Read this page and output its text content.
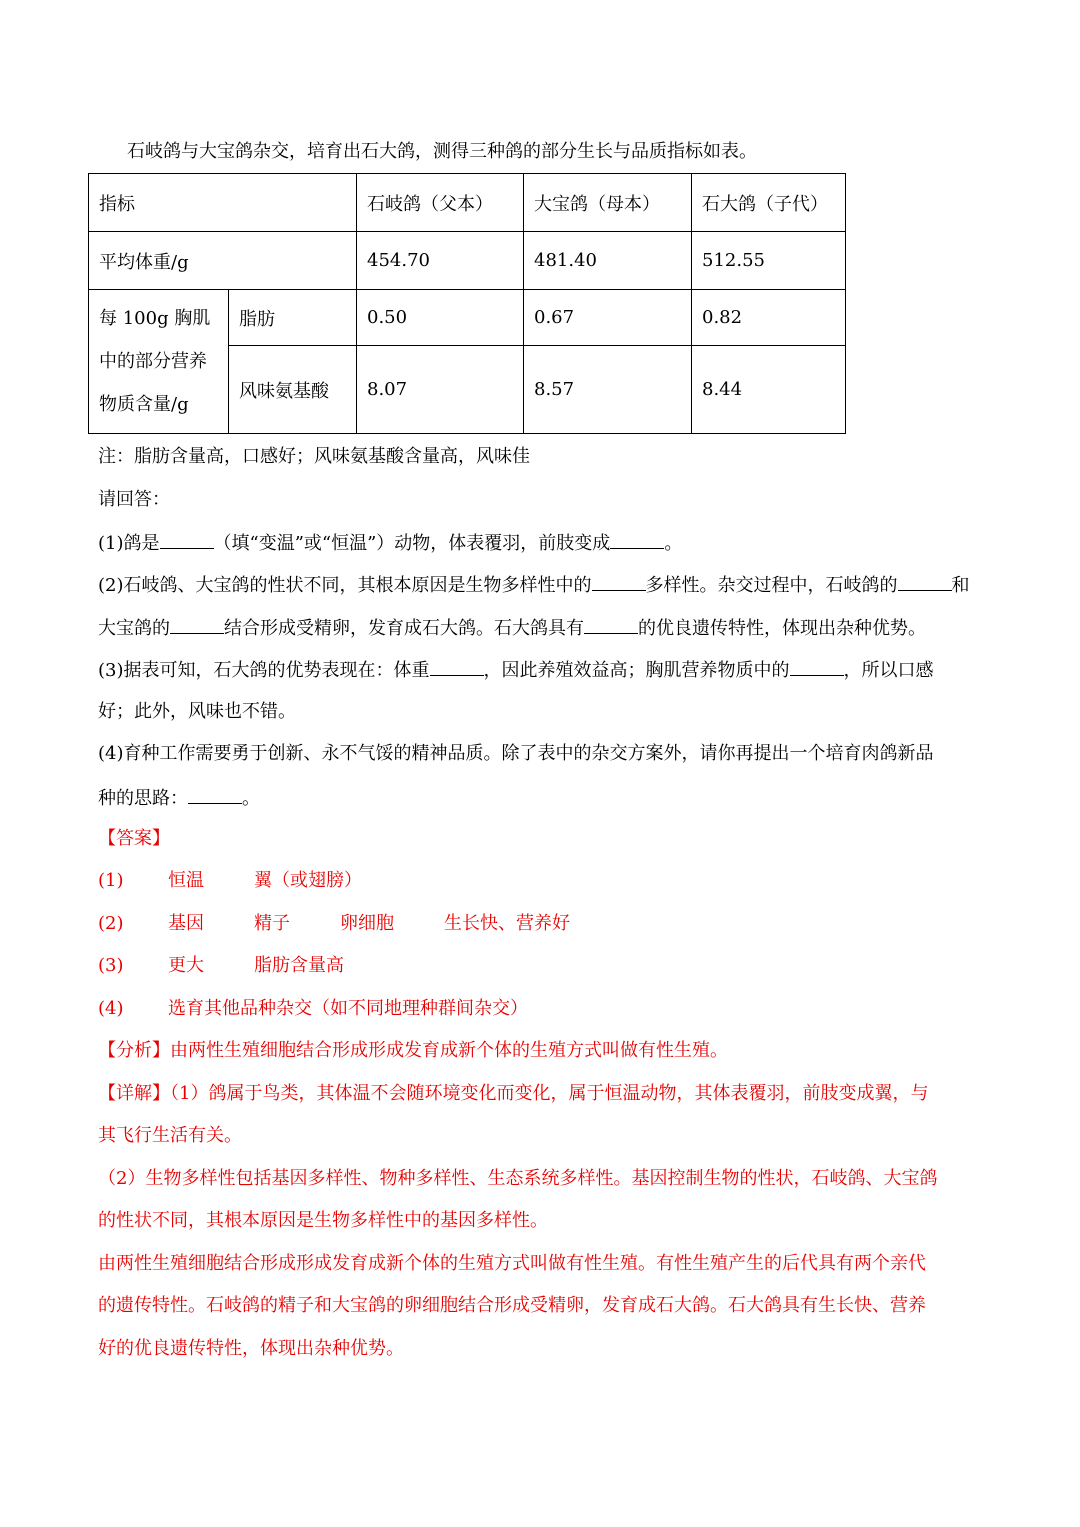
石岐鸽与大宝鸽杂交，培育出石大鸽，测得三种鸽的部分生长与品质指标如表。
指标		石岐鸽（父本）	大宝鸽（母本）	石大鸽（子代）
平均体重/g		454.70	481.40	512.55

每 100g 胸肌
中的部分营养
物质含量/g	脂肪	0.50	0.67	0.82
	风味氨基酸	8.07	8.57	8.44
注：脂肪含量高，口感好；风味氨基酸含量高，风味佳
请回答：
(1)鸽是	（填“变温”或“恒温”）动物，体表覆羽，前肢变成	。
(2)石岐鸽、大宝鸽的性状不同，其根本原因是生物多样性中的	多样性。杂交过程中，石岐鸽的	和
大宝鸽的	结合形成受精卵，发育成石大鸽。石大鸽具有	的优良遗传特性，体现出杂种优势。
(3)据表可知，石大鸽的优势表现在：体重	，因此养殖效益高；胸肌营养物质中的	，所以口感
好；此外，风味也不错。
(4)育种工作需要勇于创新、永不气馁的精神品质。除了表中的杂交方案外，请你再提出一个培育肉鸽新品
种的思路：	。
【答案】
(1) 恒温	翼（或翅膀）
(2) 基因	精子	卵细胞	生长快、营养好
(3) 更大	脂肪含量高
(4) 选育其他品种杂交（如不同地理种群间杂交）
【分析】由两性生殖细胞结合形成形成发育成新个体的生殖方式叫做有性生殖。
【详解】（1）鸽属于鸟类，其体温不会随环境变化而变化，属于恒温动物，其体表覆羽，前肢变成翼，与
其飞行生活有关。
（2）生物多样性包括基因多样性、物种多样性、生态系统多样性。基因控制生物的性状，石岐鸽、大宝鸽
的性状不同，其根本原因是生物多样性中的基因多样性。
由两性生殖细胞结合形成形成发育成新个体的生殖方式叫做有性生殖。有性生殖产生的后代具有两个亲代
的遗传特性。石岐鸽的精子和大宝鸽的卵细胞结合形成受精卵，发育成石大鸽。石大鸽具有生长快、营养
好的优良遗传特性，体现出杂种优势。
